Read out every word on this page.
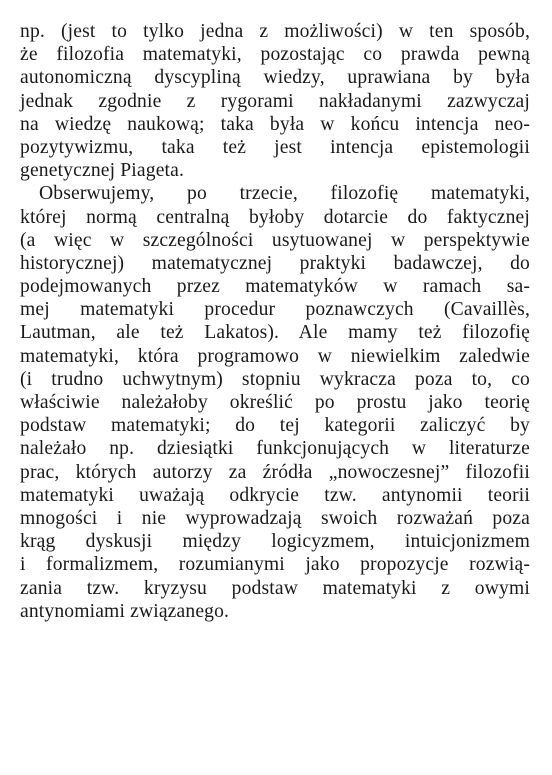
np. (jest to tylko jedna z możliwości) w ten sposób,
że filozofia matematyki, pozostając co prawda pewną
autonomiczną dyscypliną wiedzy, uprawiana by była
jednak zgodnie z rygorami nakładanymi zazwyczaj
na wiedzę naukową; taka była w końcu intencja neo-
pozytywizmu, taka też jest intencja epistemologii
genetycznej Piageta.
Obserwujemy, po trzecie, filozofię matematyki,
której normą centralną byłoby dotarcie do faktycznej
(a więc w szczególności usytuowanej w perspektywie
historycznej) matematycznej praktyki badawczej, do
podejmowanych przez matematyków w ramach sa-
mej matematyki procedur poznawczych (Cavaillès,
Lautman, ale też Lakatos). Ale mamy też filozofię
matematyki, która programowo w niewielkim zaledwie
(i trudno uchwytnym) stopniu wykracza poza to, co
właściwie należałoby określić po prostu jako teorię
podstaw matematyki; do tej kategorii zaliczyć by
należało np. dziesiątki funkcjonujących w literaturze
prac, których autorzy za źródła „nowoczesnej” filozofii
matematyki uważają odkrycie tzw. antynomii teorii
mnogości i nie wyprowadzają swoich rozważań poza
krąg dyskusji między logicyzmem, intuicjonizmem
i formalizmem, rozumianymi jako propozycje rozwią-
zania tzw. kryzysu podstaw matematyki z owymi
antynomiami związanego.
